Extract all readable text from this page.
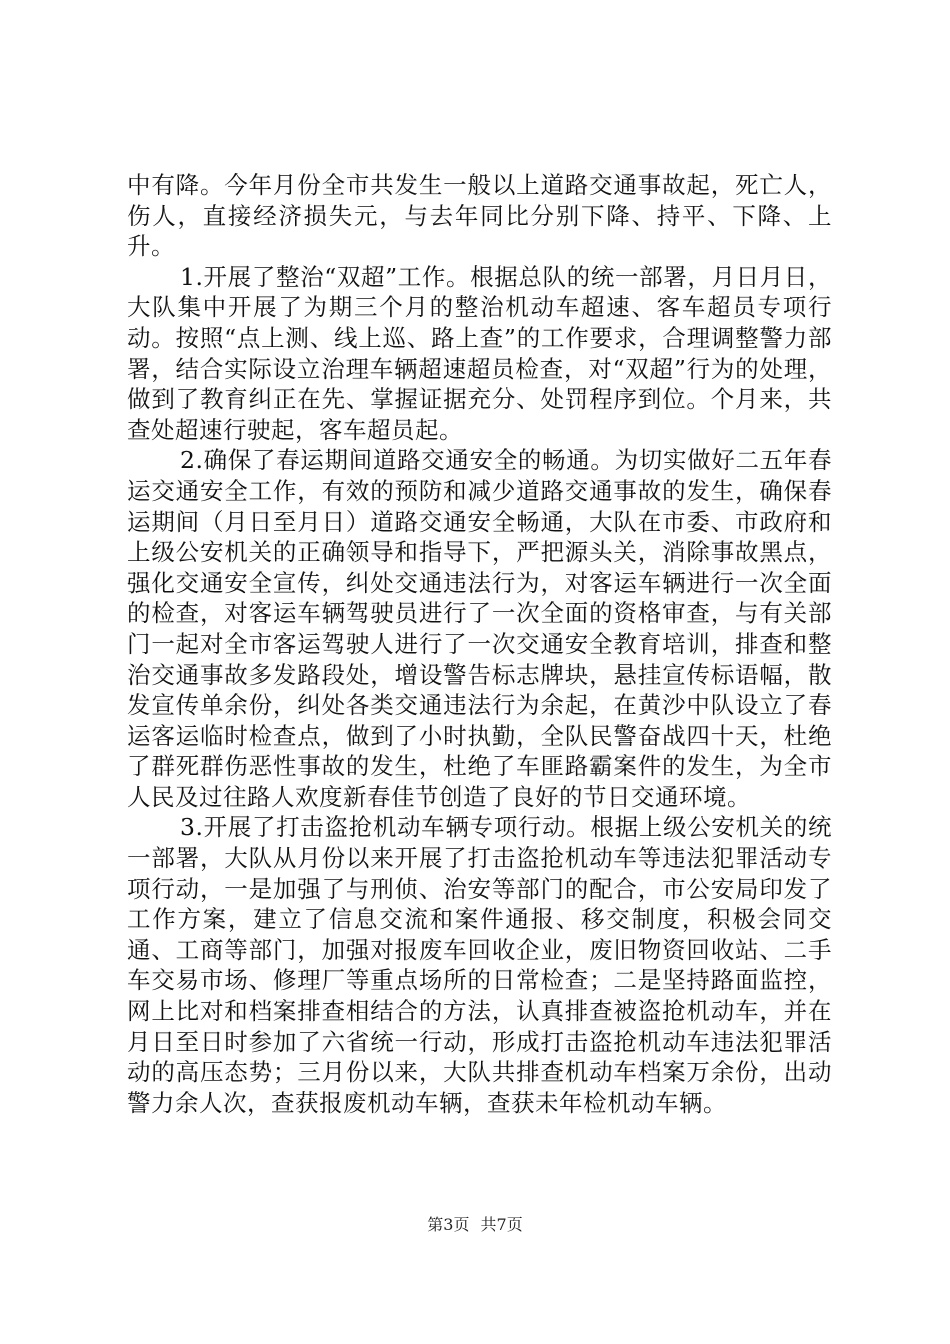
中有降。今年月份全市共发生一般以上道路交通事故起，死亡人，伤人，直接经济损失元，与去年同比分别下降、持平、下降、上升。

1.开展了整治“双超”工作。根据总队的统一部署，月日月日，大队集中开展了为期三个月的整治机动车超速、客车超员专项行动。按照“点上测、线上巡、路上查”的工作要求，合理调整警力部署，结合实际设立治理车辆超速超员检查，对“双超”行为的处理，做到了教育纠正在先、掌握证据充分、处罚程序到位。个月来，共查处超速行驶起，客车超员起。

2.确保了春运期间道路交通安全的畅通。为切实做好二五年春运交通安全工作，有效的预防和减少道路交通事故的发生，确保春运期间（月日至月日）道路交通安全畅通，大队在市委、市政府和上级公安机关的正确领导和指导下，严把源头关，消除事故黑点，强化交通安全宣传，纠处交通违法行为，对客运车辆进行一次全面的检查，对客运车辆驾驶员进行了一次全面的资格审查，与有关部门一起对全市客运驾驶人进行了一次交通安全教育培训，排查和整治交通事故多发路段处，增设警告标志牌块，悬挂宣传标语幅，散发宣传单余份，纠处各类交通违法行为余起，在黄沙中队设立了春运客运临时检查点，做到了小时执勤，全队民警奋战四十天，杜绝了群死群伤恶性事故的发生，杜绝了车匪路霸案件的发生，为全市人民及过往路人欢度新春佳节创造了良好的节日交通环境。

3.开展了打击盗抢机动车辆专项行动。根据上级公安机关的统一部署，大队从月份以来开展了打击盗抢机动车等违法犯罪活动专项行动，一是加强了与刑侦、治安等部门的配合，市公安局印发了工作方案，建立了信息交流和案件通报、移交制度，积极会同交通、工商等部门，加强对报废车回收企业，废旧物资回收站、二手车交易市场、修理厂等重点场所的日常检查；二是坚持路面监控，网上比对和档案排查相结合的方法，认真排查被盗抢机动车，并在月日至日时参加了六省统一行动，形成打击盗抢机动车违法犯罪活动的高压态势；三月份以来，大队共排查机动车档案万余份，出动警力余人次，查获报废机动车辆，查获未年检机动车辆。

第3页 共7页
